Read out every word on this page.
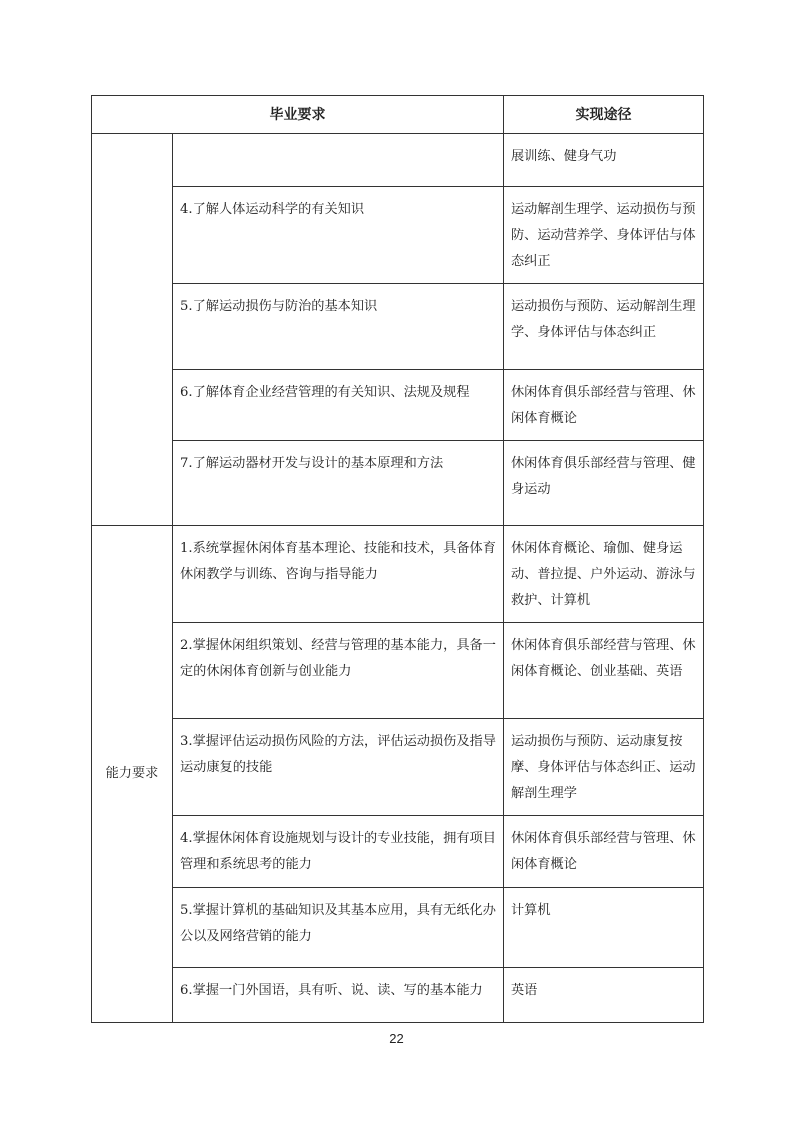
毕业要求		实现途径
		展训练、健身气功
	4.了解人体运动科学的有关知识	运动解剖生理学、运动损伤与预防、运动营养学、身体评估与体态纠正
	5.了解运动损伤与防治的基本知识	运动损伤与预防、运动解剖生理学、身体评估与体态纠正
	6.了解体育企业经营管理的有关知识、法规及规程	休闲体育俱乐部经营与管理、休闲体育概论
	7.了解运动器材开发与设计的基本原理和方法	休闲体育俱乐部经营与管理、健身运动
能力要求	1.系统掌握休闲体育基本理论、技能和技术，具备体育休闲教学与训练、咨询与指导能力	休闲体育概论、瑜伽、健身运动、普拉提、户外运动、游泳与救护、计算机
	2.掌握休闲组织策划、经营与管理的基本能力，具备一定的休闲体育创新与创业能力	休闲体育俱乐部经营与管理、休闲体育概论、创业基础、英语
	3.掌握评估运动损伤风险的方法，评估运动损伤及指导运动康复的技能	运动损伤与预防、运动康复按摩、身体评估与体态纠正、运动解剖生理学
	4.掌握休闲体育设施规划与设计的专业技能，拥有项目管理和系统思考的能力	休闲体育俱乐部经营与管理、休闲体育概论
	5.掌握计算机的基础知识及其基本应用，具有无纸化办公以及网络营销的能力	计算机
	6.掌握一门外国语，具有听、说、读、写的基本能力	英语
22
